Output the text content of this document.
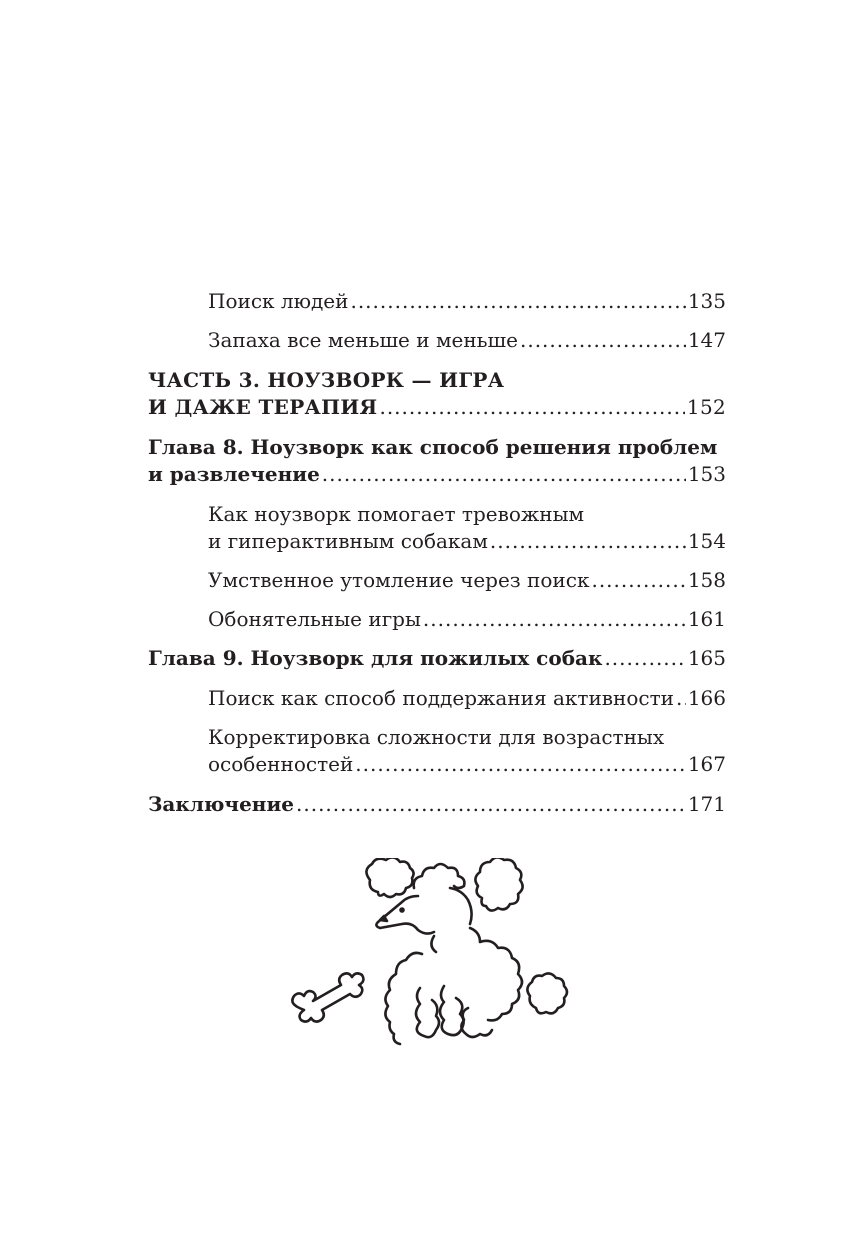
Поиск людей .....	135
Запаха все меньше и меньше .....	147
ЧАСТЬ 3. НОУЗВОРК — ИГРА
И ДАЖЕ ТЕРАПИЯ .....	152
Глава 8. Ноузворк как способ решения проблем
и развлечение .....	153
Как ноузворк помогает тревожным
и гиперактивным собакам .....	154
Умственное утомление через поиск .....	158
Обонятельные игры .....	161
Глава 9. Ноузворк для пожилых собак .....	165
Поиск как способ поддержания активности ..... 166
Корректировка сложности для возрастных
особенностей .....	167
Заключение .....	171
